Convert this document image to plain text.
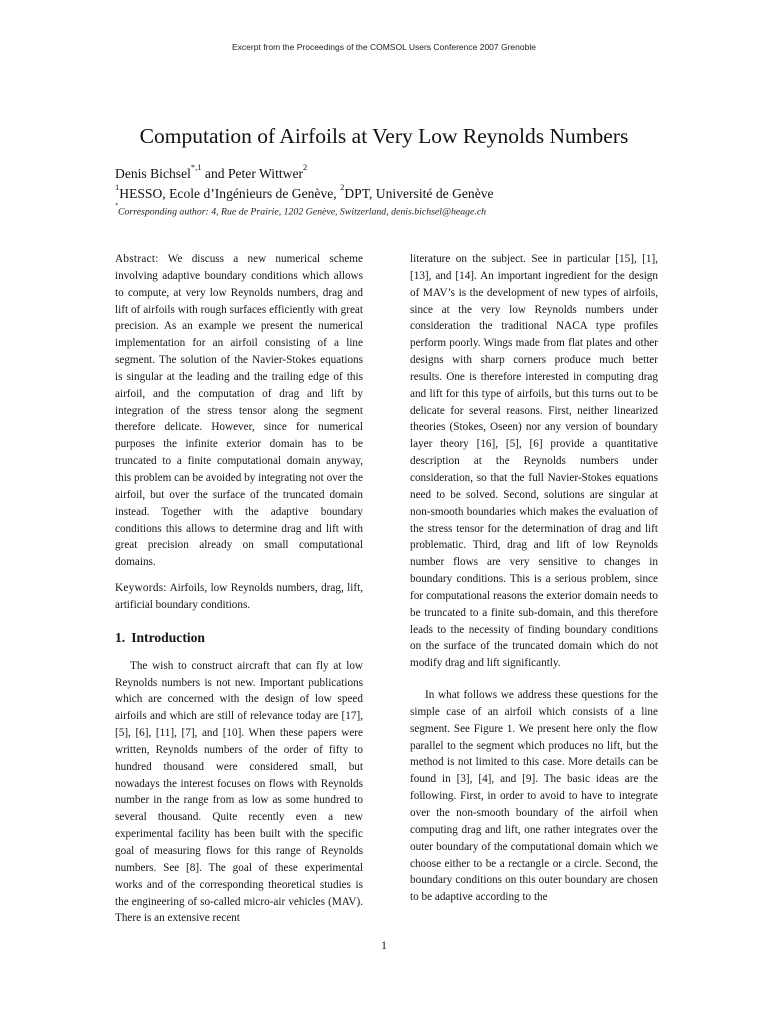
Excerpt from the Proceedings of the COMSOL Users Conference 2007 Grenoble
Computation of Airfoils at Very Low Reynolds Numbers
Denis Bichsel$^{*,1}$ and Peter Wittwer$^2$
$^1$HESSO, Ecole d’Ingénieurs de Genève, $^2$DPT, Université de Genève
*Corresponding author: 4, Rue de Prairie, 1202 Genève, Switzerland, denis.bichsel@heage.ch

Abstract: We discuss a new numerical scheme involving adaptive boundary conditions which allows to compute, at very low Reynolds numbers, drag and lift of airfoils with rough surfaces efficiently with great precision. As an example we present the numerical implementation for an airfoil consisting of a line segment. The solution of the Navier-Stokes equations is singular at the leading and the trailing edge of this airfoil, and the computation of drag and lift by integration of the stress tensor along the segment therefore delicate. However, since for numerical purposes the infinite exterior domain has to be truncated to a finite computational domain anyway, this problem can be avoided by integrating not over the airfoil, but over the surface of the truncated domain instead. Together with the adaptive boundary conditions this allows to determine drag and lift with great precision already on small computational domains.

Keywords: Airfoils, low Reynolds numbers, drag, lift, artificial boundary conditions.

1. Introduction

The wish to construct aircraft that can fly at low Reynolds numbers is not new. Important publications which are concerned with the design of low speed airfoils and which are still of relevance today are [17], [5], [6], [11], [7], and [10]. When these papers were written, Reynolds numbers of the order of fifty to hundred thousand were considered small, but nowadays the interest focuses on flows with Reynolds number in the range from as low as some hundred to several thousand. Quite recently even a new experimental facility has been built with the specific goal of measuring flows for this range of Reynolds numbers. See [8]. The goal of these experimental works and of the corresponding theoretical studies is the engineering of so-called micro-air vehicles (MAV). There is an extensive recent

literature on the subject. See in particular [15], [1], [13], and [14]. An important ingredient for the design of MAV’s is the development of new types of airfoils, since at the very low Reynolds numbers under consideration the traditional NACA type profiles perform poorly. Wings made from flat plates and other designs with sharp corners produce much better results. One is therefore interested in computing drag and lift for this type of airfoils, but this turns out to be delicate for several reasons. First, neither linearized theories (Stokes, Oseen) nor any version of boundary layer theory [16], [5], [6] provide a quantitative description at the Reynolds numbers under consideration, so that the full Navier-Stokes equations need to be solved. Second, solutions are singular at non-smooth boundaries which makes the evaluation of the stress tensor for the determination of drag and lift problematic. Third, drag and lift of low Reynolds number flows are very sensitive to changes in boundary conditions. This is a serious problem, since for computational reasons the exterior domain needs to be truncated to a finite sub-domain, and this therefore leads to the necessity of finding boundary conditions on the surface of the truncated domain which do not modify drag and lift significantly.

In what follows we address these questions for the simple case of an airfoil which consists of a line segment. See Figure 1. We present here only the flow parallel to the segment which produces no lift, but the method is not limited to this case. More details can be found in [3], [4], and [9]. The basic ideas are the following. First, in order to avoid to have to integrate over the non-smooth boundary of the airfoil when computing drag and lift, one rather integrates over the outer boundary of the computational domain which we choose either to be a rectangle or a circle. Second, the boundary conditions on this outer boundary are chosen to be adaptive according to the

1
